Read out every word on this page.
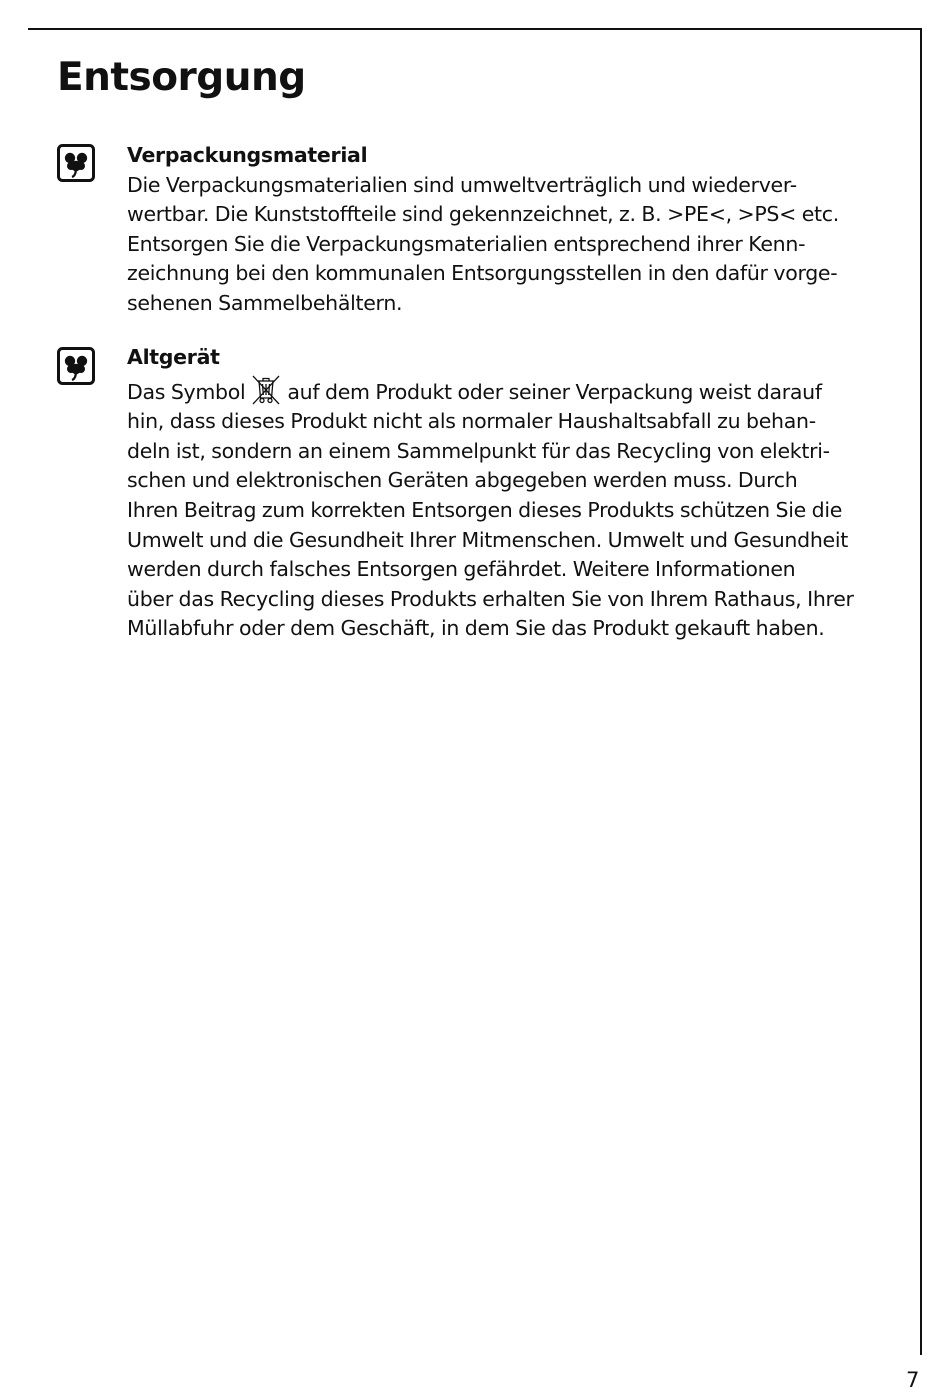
Entsorgung
Verpackungsmaterial
Die Verpackungsmaterialien sind umweltverträglich und wiederver-
wertbar. Die Kunststoffteile sind gekennzeichnet, z. B. >PE<, >PS< etc.
Entsorgen Sie die Verpackungsmaterialien entsprechend ihrer Kenn-
zeichnung bei den kommunalen Entsorgungsstellen in den dafür vorge-
sehenen Sammelbehältern.
Altgerät
Das Symbol auf dem Produkt oder seiner Verpackung weist darauf
hin, dass dieses Produkt nicht als normaler Haushaltsabfall zu behan-
deln ist, sondern an einem Sammelpunkt für das Recycling von elektri-
schen und elektronischen Geräten abgegeben werden muss. Durch
Ihren Beitrag zum korrekten Entsorgen dieses Produkts schützen Sie die
Umwelt und die Gesundheit Ihrer Mitmenschen. Umwelt und Gesundheit
werden durch falsches Entsorgen gefährdet. Weitere Informationen
über das Recycling dieses Produkts erhalten Sie von Ihrem Rathaus, Ihrer
Müllabfuhr oder dem Geschäft, in dem Sie das Produkt gekauft haben.
7
